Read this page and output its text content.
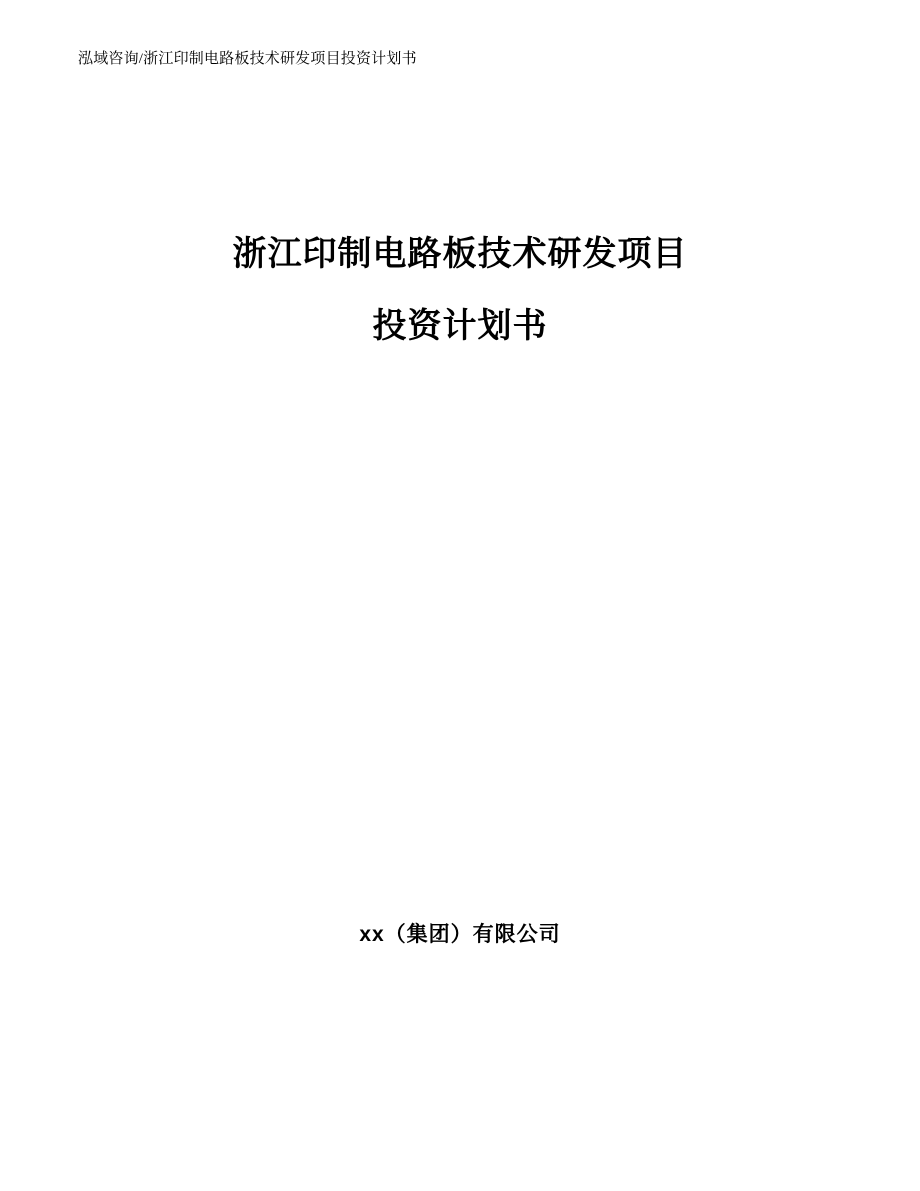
泓域咨询/浙江印制电路板技术研发项目投资计划书
浙江印制电路板技术研发项目
投资计划书
xx（集团）有限公司
